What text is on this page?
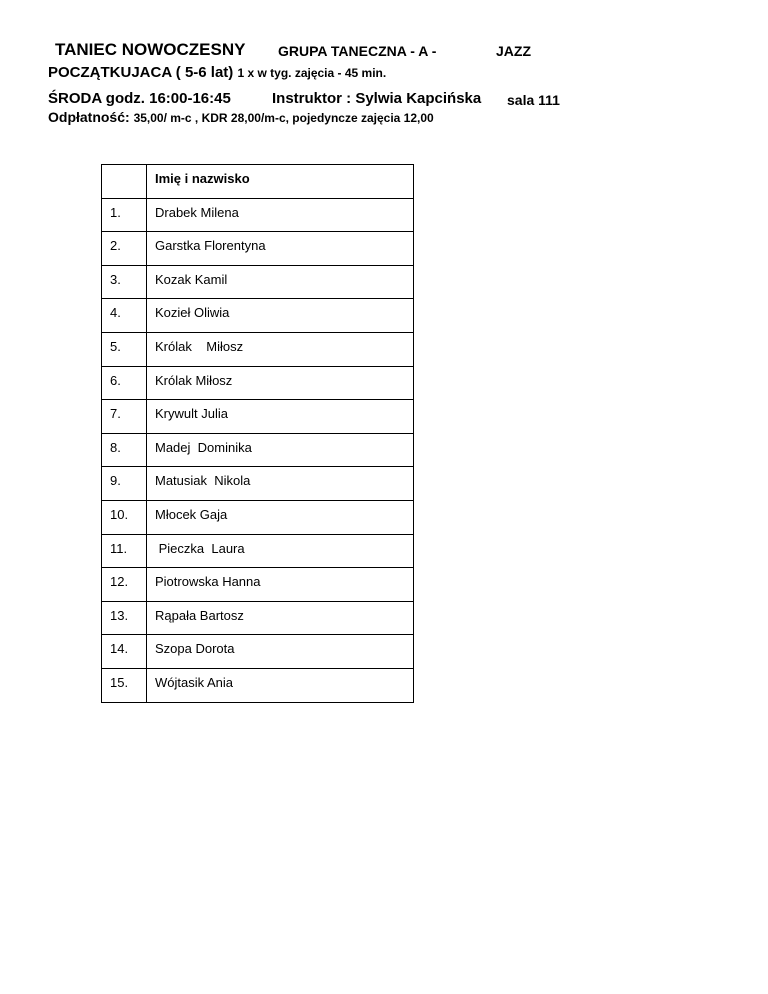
TANIEC NOWOCZESNY GRUPA TANECZNA - A -	JAZZ
POCZĄTKUJACA ( 5-6 lat) 1 x w tyg. zajęcia - 45 min.
ŚRODA godz. 16:00-16:45	Instruktor : Sylwia Kapcińska sala 111
Odpłatność: 35,00/ m-c , KDR 28,00/m-c, pojedyncze zajęcia 12,00
	Imię i nazwisko
1.	Drabek Milena
2.	Garstka Florentyna
3.	Kozak Kamil
4.	Kozieł Oliwia
5.	Królak    Miłosz
6.	Królak Miłosz
7.	Krywult Julia
8.	Madej  Dominika
9.	Matusiak  Nikola
10.	Młocek Gaja
11.	Pieczka  Laura
12.	Piotrowska Hanna
13.	Rąpała Bartosz
14.	Szopa Dorota
15.	Wójtasik Ania
